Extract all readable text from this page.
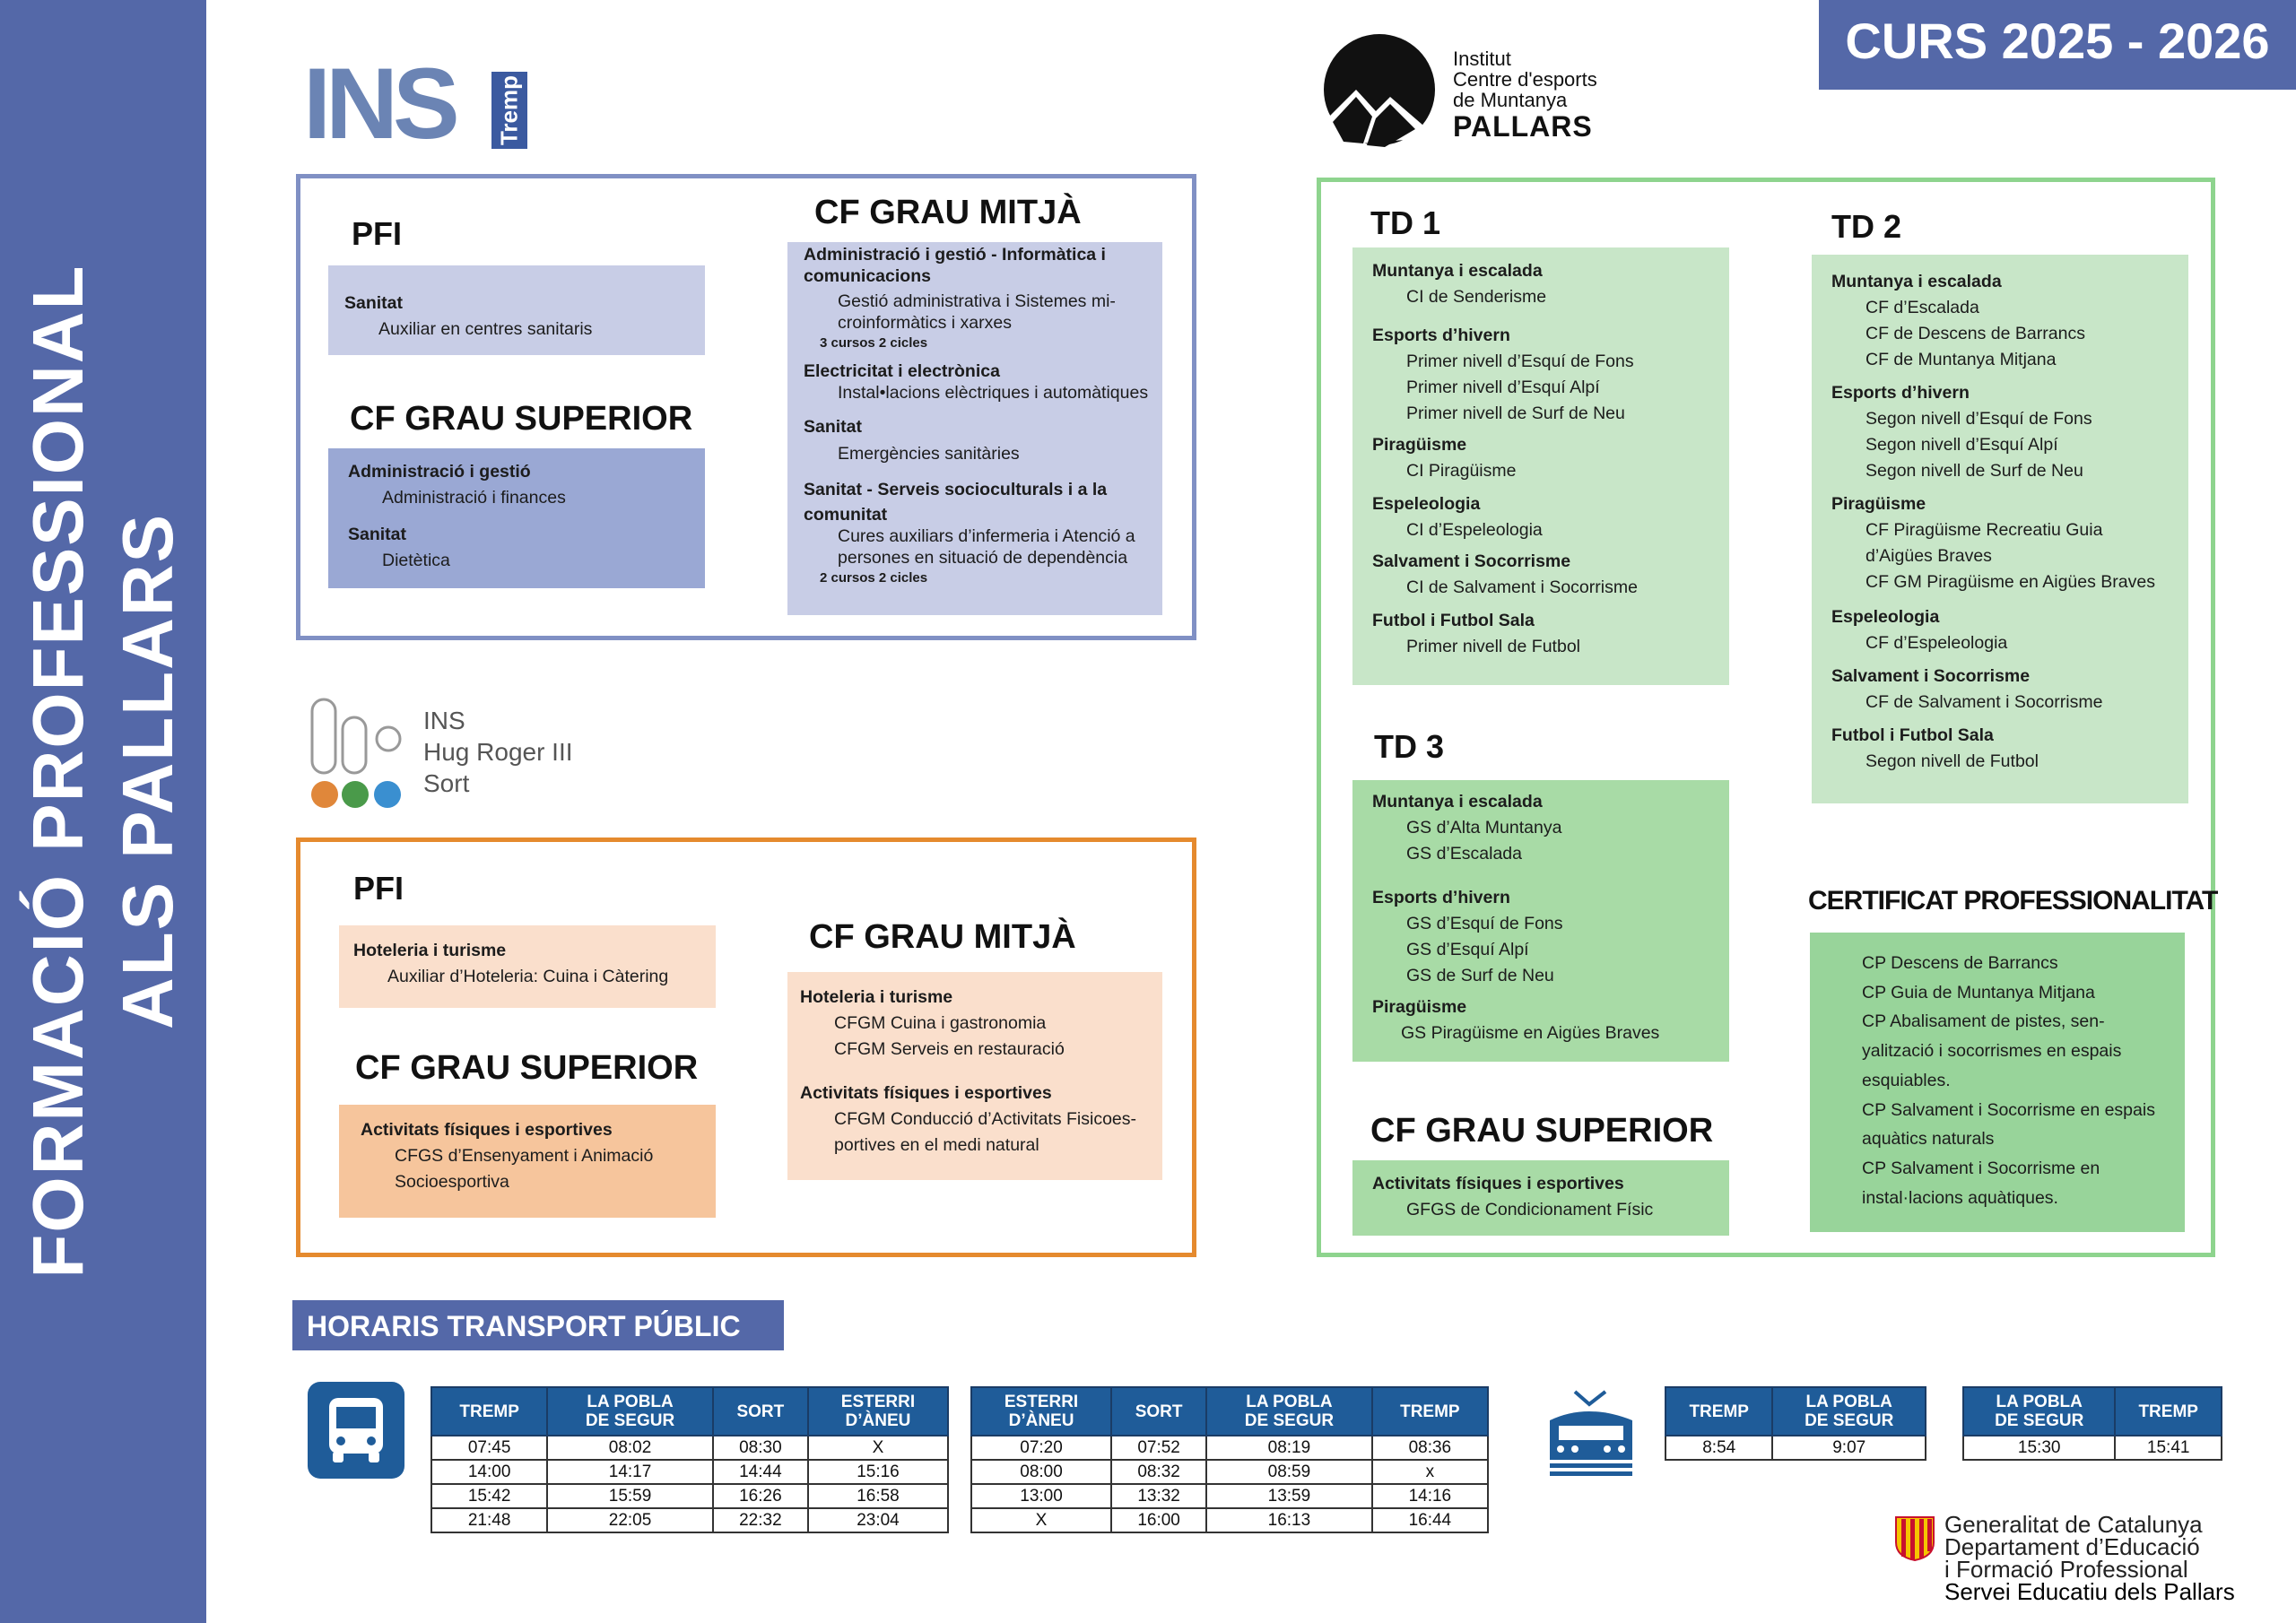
FORMACIÓ PROFESSIONAL ALS PALLARS
CURS 2025 - 2026
INS Tremp
Institut
Centre d'esports
de Muntanya
PALLARS
PFI
Sanitat
Auxiliar en centres sanitaris
CF GRAU SUPERIOR
Administració i gestió
Administració i finances
Sanitat
Dietètica
CF GRAU MITJÀ
Administració i gestió - Informàtica i
comunicacions
Gestió administrativa i Sistemes mi-
croinformàtics i xarxes
3 cursos 2 cicles
Electricitat i electrònica
Instal•lacions elèctriques i automàtiques
Sanitat
Emergències sanitàries
Sanitat - Serveis socioculturals i a la
comunitat
Cures auxiliars d’infermeria i Atenció a
persones en situació de dependència
2 cursos 2 cicles
INS
Hug Roger III
Sort
PFI
Hoteleria i turisme
Auxiliar d’Hoteleria: Cuina i Càtering
CF GRAU SUPERIOR
Activitats físiques i esportives
CFGS d’Ensenyament i Animació
Socioesportiva
CF GRAU MITJÀ
Hoteleria i turisme
CFGM Cuina i gastronomia
CFGM Serveis en restauració
Activitats físiques i esportives
CFGM Conducció d’Activitats Fisicoes-
portives en el medi natural
TD 1
Muntanya i escalada
CI de Senderisme
Esports d’hivern
Primer nivell d’Esquí de Fons
Primer nivell d’Esquí Alpí
Primer nivell de Surf de Neu
Piragüisme
CI Piragüisme
Espeleologia
CI d’Espeleologia
Salvament i Socorrisme
CI de Salvament i Socorrisme
Futbol i Futbol Sala
Primer nivell de Futbol
TD 2
Muntanya i escalada
CF d’Escalada
CF de Descens de Barrancs
CF de Muntanya Mitjana
Esports d’hivern
Segon nivell d’Esquí de Fons
Segon nivell d’Esquí Alpí
Segon nivell de Surf de Neu
Piragüisme
CF Piragüisme Recreatiu Guia
d’Aigües Braves
CF GM Piragüisme en Aigües Braves
Espeleologia
CF d’Espeleologia
Salvament i Socorrisme
CF de Salvament i Socorrisme
Futbol i Futbol Sala
Segon nivell de Futbol
TD 3
Muntanya i escalada
GS d’Alta Muntanya
GS d’Escalada
Esports d’hivern
GS d’Esquí de Fons
GS d’Esquí Alpí
GS de Surf de Neu
Piragüisme
GS Piragüisme en Aigües Braves
CF GRAU SUPERIOR
Activitats físiques i esportives
GFGS de Condicionament Físic
CERTIFICAT PROFESSIONALITAT
CP Descens de Barrancs
CP Guia de Muntanya Mitjana
CP Abalisament de pistes, sen-
yalització i socorrismes en espais
esquiables.
CP Salvament i Socorrisme en espais
aquàtics naturals
CP Salvament i Socorrisme en
instal·lacions aquàtiques.
HORARIS TRANSPORT PÚBLIC
TREMP	LA POBLA
DE SEGUR	SORT	ESTERRI
D’ÀNEU
07:45	08:02	08:30	X
14:00	14:17	14:44	15:16
15:42	15:59	16:26	16:58
21:48	22:05	22:32	23:04
ESTERRI
D’ÀNEU	SORT	LA POBLA
DE SEGUR	TREMP
07:20	07:52	08:19	08:36
08:00	08:32	08:59	x
13:00	13:32	13:59	14:16
X	16:00	16:13	16:44
TREMP	LA POBLA
DE SEGUR
8:54	9:07
LA POBLA
DE SEGUR	TREMP
15:30	15:41
Generalitat de Catalunya
Departament d’Educació
i Formació Professional
Servei Educatiu dels Pallars
